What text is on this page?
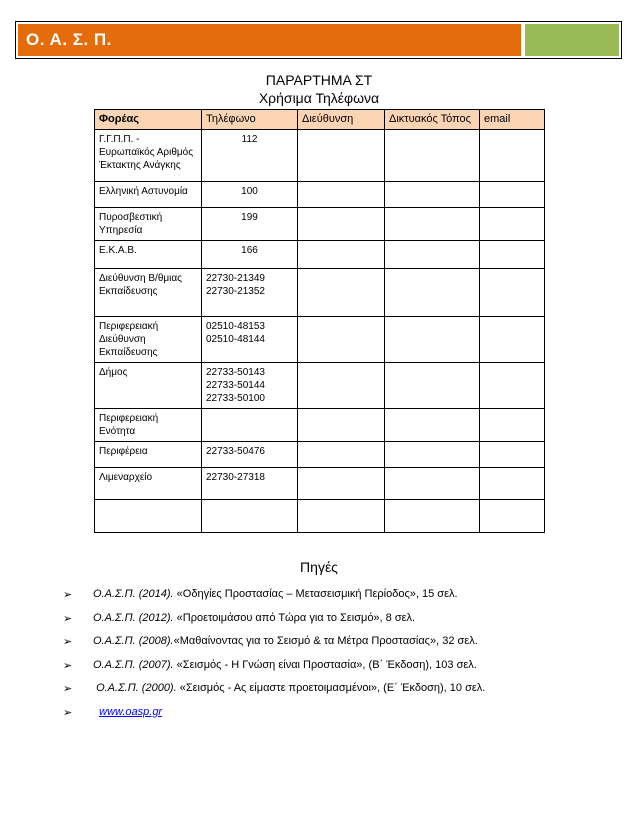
Ο. Α. Σ. Π.
ΠΑΡΑΡΤΗΜΑ ΣΤ
Χρήσιμα Τηλέφωνα
Φορέας	Τηλέφωνο	Διεύθυνση	Δικτυακός Τόπος	email
Γ.Γ.Π.Π. - Ευρωπαϊκός Αριθμός Έκτακτης Ανάγκης	112			

Ελληνική Αστυνομία	100			

Πυροσβεστική Υπηρεσία	199			

Ε.Κ.Α.Β.	166			

Διεύθυνση Β/θμιας Εκπαίδευσης	22730-21349
22730-21352			

Περιφερειακή Διεύθυνση Εκπαίδευσης	02510-48153
02510-48144			

Δήμος	22733-50143
22733-50144
22733-50100			

Περιφερειακή Ενότητα				
Περιφέρεια	22733-50476			

Λιμεναρχείο	22730-27318			

Πηγές
➢	Ο.Α.Σ.Π. (2014). «Οδηγίες Προστασίας – Μετασεισμική Περίοδος», 15 σελ.
➢	Ο.Α.Σ.Π. (2012). «Προετοιμάσου από Τώρα για το Σεισμό», 8 σελ.
➢	Ο.Α.Σ.Π. (2008).«Μαθαίνοντας για το Σεισμό & τα Μέτρα Προστασίας», 32 σελ.
➢	Ο.Α.Σ.Π. (2007). «Σεισμός - Η Γνώση είναι Προστασία», (Β΄ Έκδοση), 103 σελ.
➢	Ο.Α.Σ.Π. (2000). «Σεισμός - Ας είμαστε προετοιμασμένοι», (Ε΄ Έκδοση), 10 σελ.
➢	www.oasp.gr
